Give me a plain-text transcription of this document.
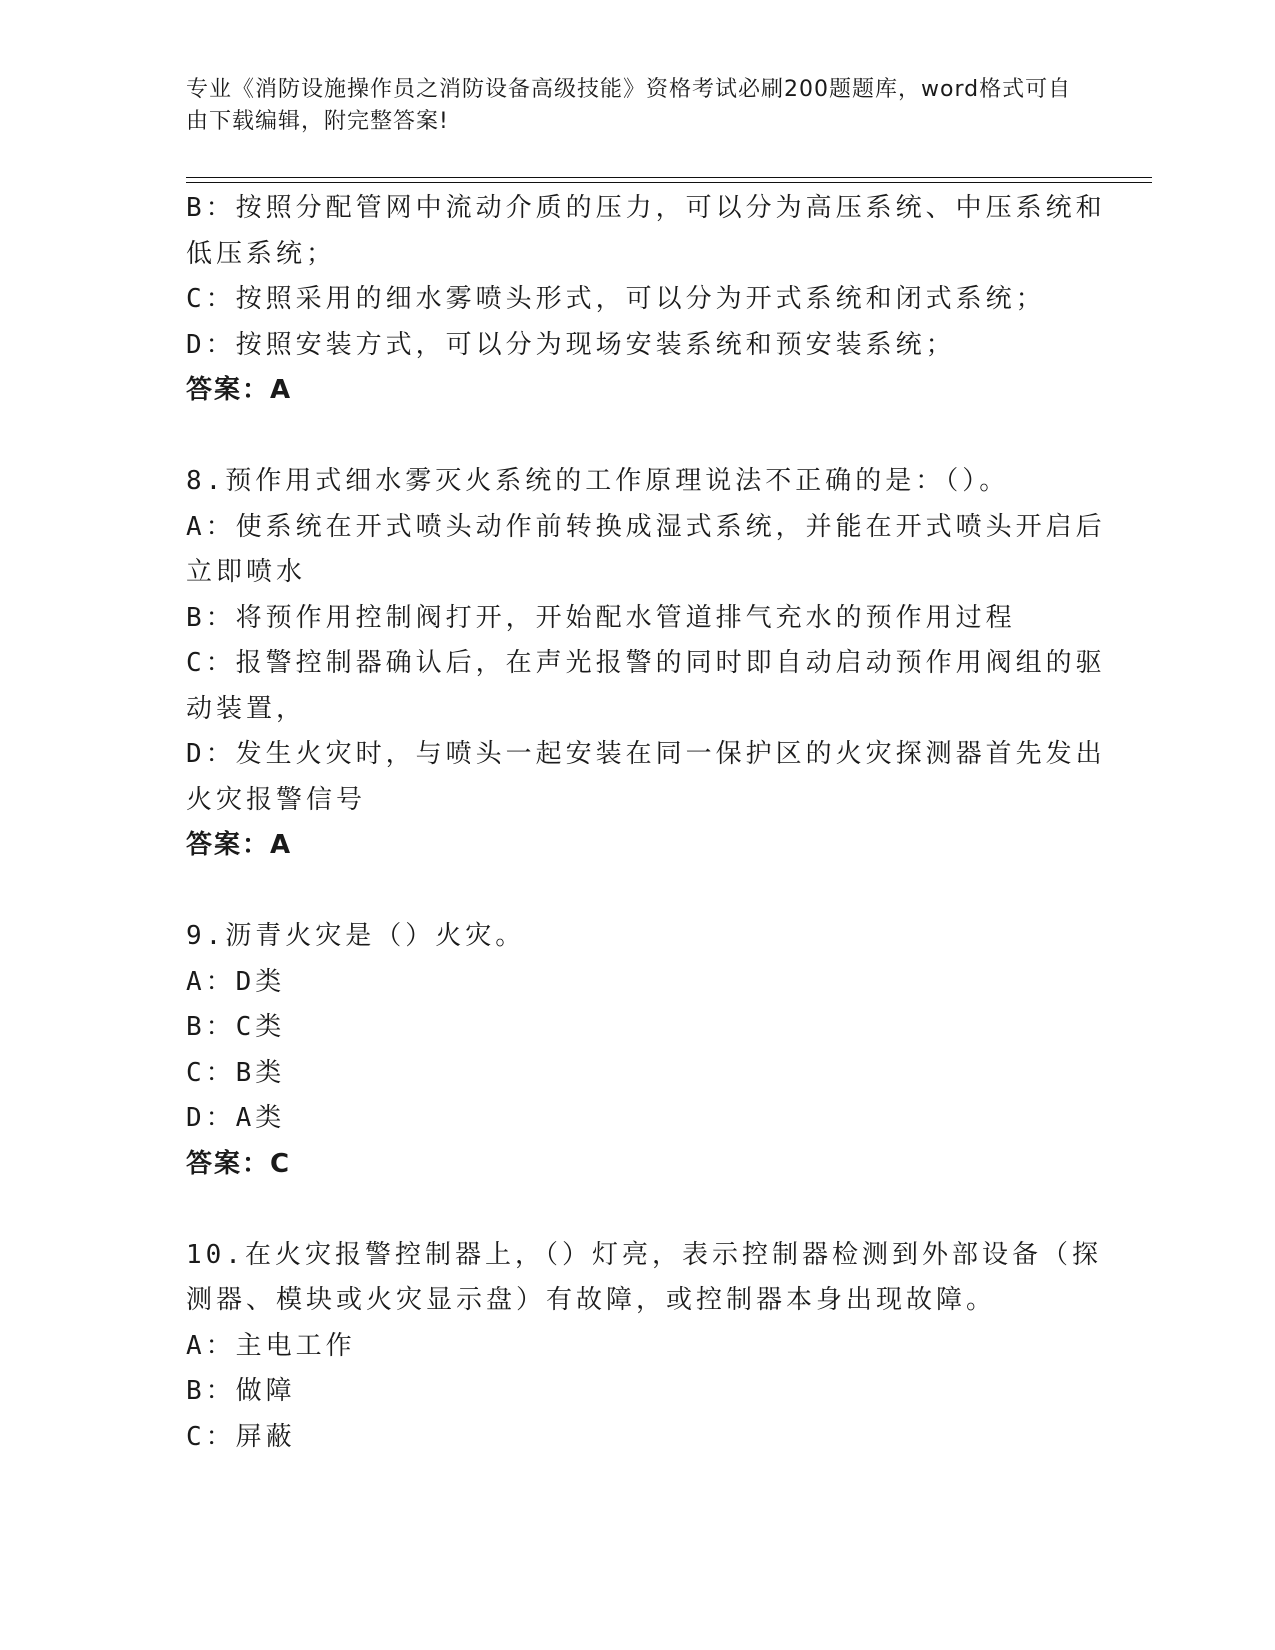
专业《消防设施操作员之消防设备高级技能》资格考试必刷200题题库，word格式可自由下载编辑，附完整答案!
B：按照分配管网中流动介质的压力，可以分为高压系统、中压系统和
低压系统；
C：按照采用的细水雾喷头形式，可以分为开式系统和闭式系统；
D：按照安装方式，可以分为现场安装系统和预安装系统；
答案：A
8.预作用式细水雾灭火系统的工作原理说法不正确的是：（）。
A：使系统在开式喷头动作前转换成湿式系统，并能在开式喷头开启后
立即喷水
B：将预作用控制阀打开，开始配水管道排气充水的预作用过程
C：报警控制器确认后，在声光报警的同时即自动启动预作用阀组的驱
动装置，
D：发生火灾时，与喷头一起安装在同一保护区的火灾探测器首先发出
火灾报警信号
答案：A
9.沥青火灾是（）火灾。
A：D类
B：C类
C：B类
D：A类
答案：C
10.在火灾报警控制器上，（）灯亮，表示控制器检测到外部设备（探
测器、模块或火灾显示盘）有故障，或控制器本身出现故障。
A：主电工作
B：做障
C：屏蔽
